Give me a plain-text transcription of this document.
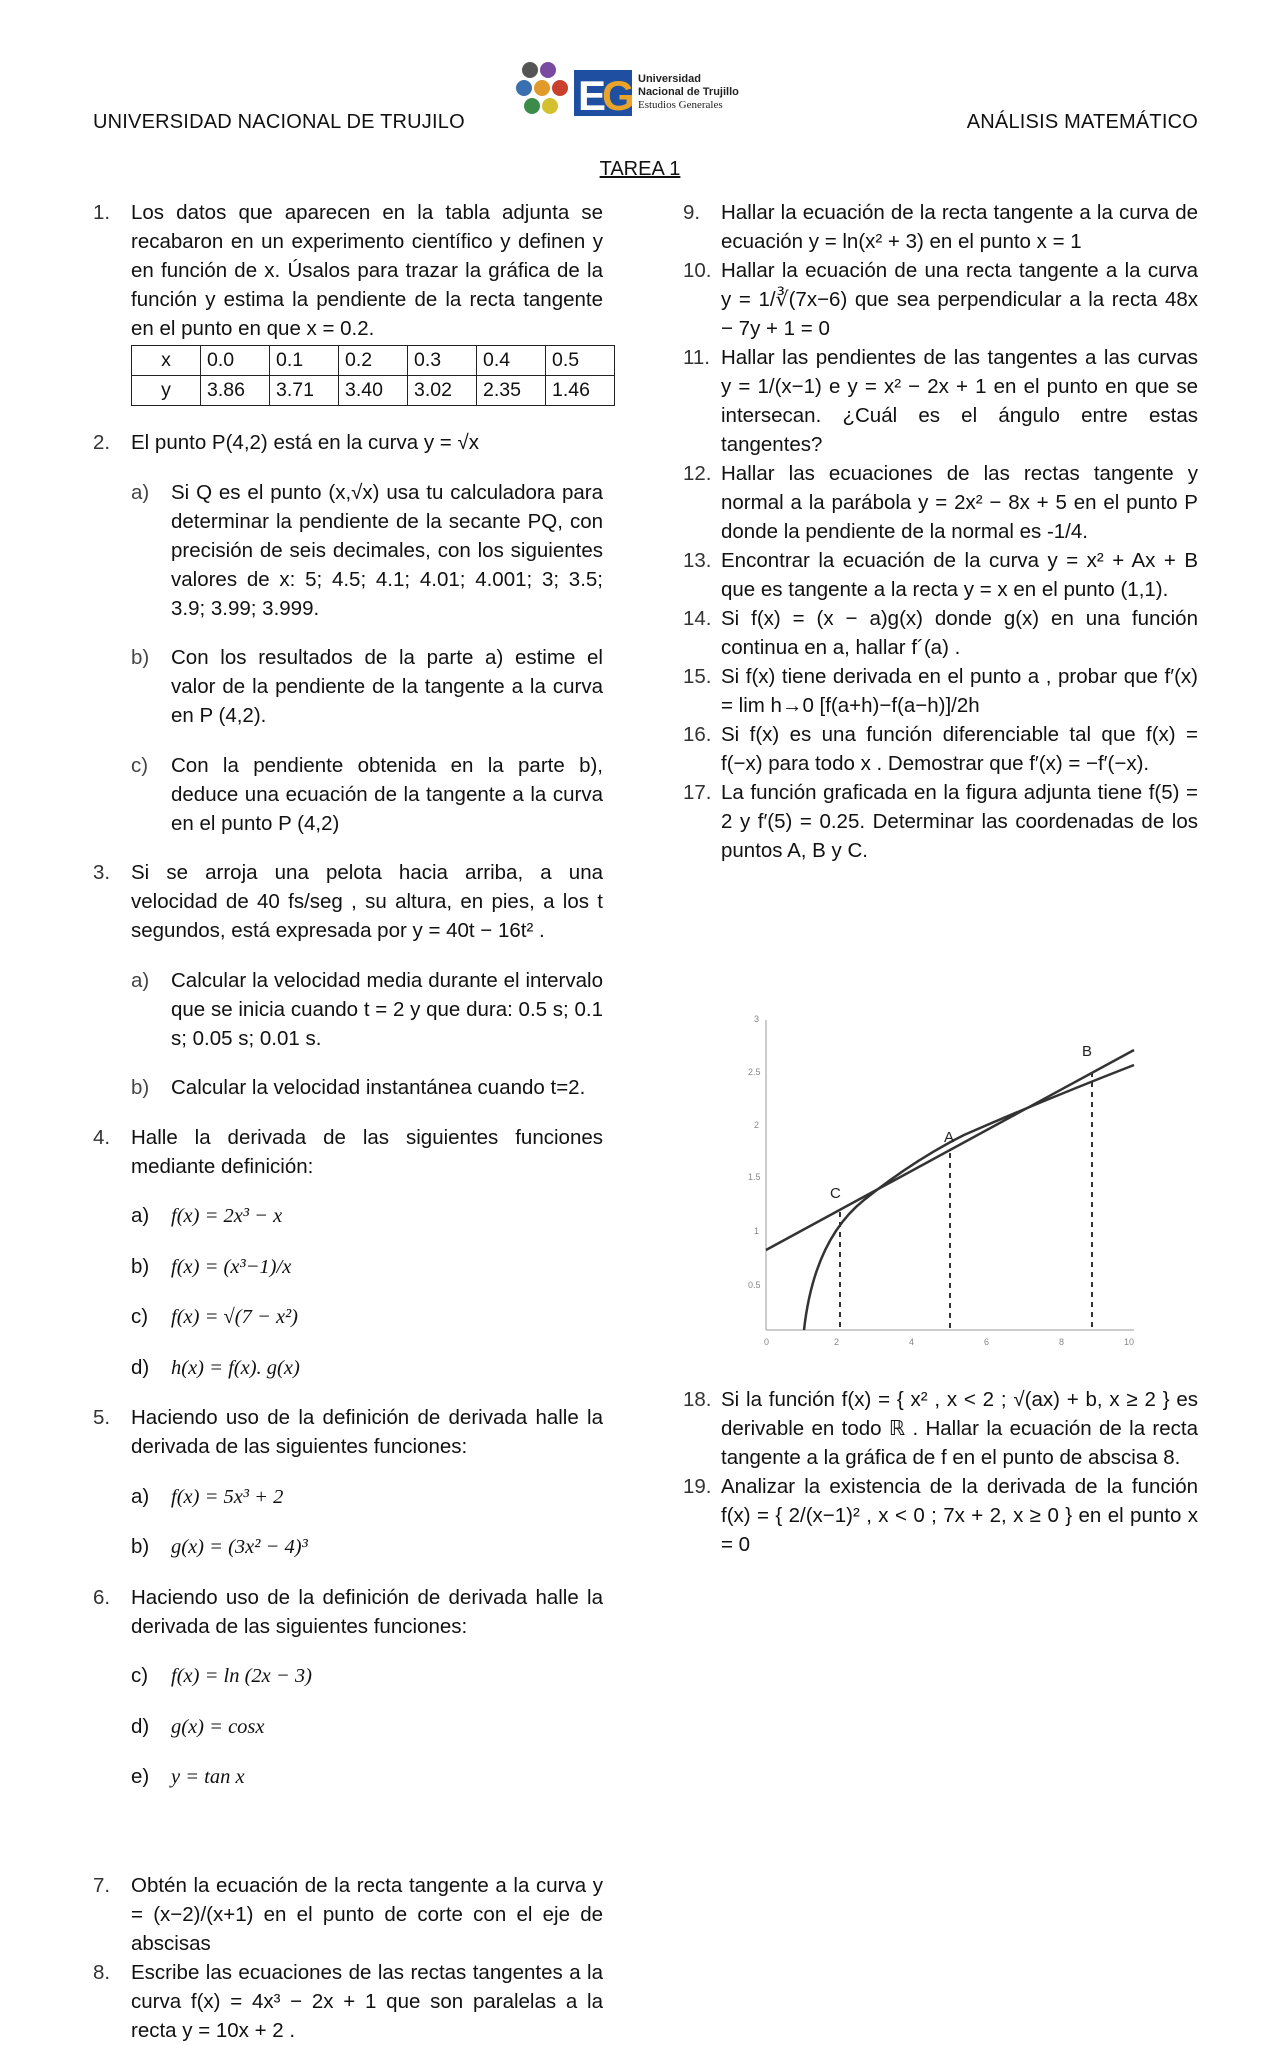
UNIVERSIDAD NACIONAL DE TRUJILO	ANÁLISIS MATEMÁTICO
E
G Universidad
Nacional de Trujillo
Estudios Generales
TAREA 1

1. Los datos que aparecen en la tabla adjunta se recabaron en un experimento científico y definen y en función de x. Úsalos para trazar la gráfica de la función y estima la pendiente de la recta tangente en el punto en que x = 0.2.

x	0.0	0.1	0.2	0.3	0.4	0.5
y	3.86	3.71	3.40	3.02	2.35	1.46

2. El punto P(4,2) está en la curva y = √x

a) Si Q es el punto (x,√x) usa tu calculadora para determinar la pendiente de la secante PQ, con precisión de seis decimales, con los siguientes valores de x: 5; 4.5; 4.1; 4.01; 4.001; 3; 3.5; 3.9; 3.99; 3.999.

b) Con los resultados de la parte a) estime el valor de la pendiente de la tangente a la curva en P (4,2).

c) Con la pendiente obtenida en la parte b), deduce una ecuación de la tangente a la curva en el punto P (4,2)

3. Si se arroja una pelota hacia arriba, a una velocidad de 40 fs/seg , su altura, en pies, a los t segundos, está expresada por y = 40t − 16t² .

a) Calcular la velocidad media durante el intervalo que se inicia cuando t = 2 y que dura: 0.5 s; 0.1 s; 0.05 s; 0.01 s.

b) Calcular la velocidad instantánea cuando t=2.

4. Halle la derivada de las siguientes funciones mediante definición:

a) f(x) = 2x³ − x

b) f(x) = (x³−1)/x

c) f(x) = √(7 − x²)

d) h(x) = f(x). g(x)

5. Haciendo uso de la definición de derivada halle la derivada de las siguientes funciones:

a) f(x) = 5x³ + 2

b) g(x) = (3x² − 4)³

6. Haciendo uso de la definición de derivada halle la derivada de las siguientes funciones:

c) f(x) = ln (2x − 3)

d) g(x) = cosx

e) y = tan x

7. Obtén la ecuación de la recta tangente a la curva y = (x−2)/(x+1) en el punto de corte con el eje de abscisas

8. Escribe las ecuaciones de las rectas tangentes a la curva f(x) = 4x³ − 2x + 1 que son paralelas a la recta y = 10x + 2 .

9. Hallar la ecuación de la recta tangente a la curva de ecuación y = ln(x² + 3) en el punto x = 1

10. Hallar la ecuación de una recta tangente a la curva y = 1/∛(7x−6) que sea perpendicular a la recta 48x − 7y + 1 = 0

11. Hallar las pendientes de las tangentes a las curvas y = 1/(x−1) e y = x² − 2x + 1 en el punto en que se intersecan. ¿Cuál es el ángulo entre estas tangentes?

12. Hallar las ecuaciones de las rectas tangente y normal a la parábola y = 2x² − 8x + 5 en el punto P donde la pendiente de la normal es -1/4.

13. Encontrar la ecuación de la curva y = x² + Ax + B que es tangente a la recta y = x en el punto (1,1).

14. Si f(x) = (x − a)g(x) donde g(x) en una función continua en a, hallar f´(a) .

15. Si f(x) tiene derivada en el punto a , probar que f′(x) = lim h→0 [f(a+h)−f(a−h)]/2h

16. Si f(x) es una función diferenciable tal que f(x) = f(−x) para todo x . Demostrar que f′(x) = −f′(−x).

17. La función graficada en la figura adjunta tiene f(5) = 2 y f′(5) = 0.25. Determinar las coordenadas de los puntos A, B y C.

0.5
1
1.5
2
2.5
3
0	2	4	6	8	10
C
A
B

18. Si la función f(x) = { x² , x < 2 ; √(ax) + b, x ≥ 2 } es derivable en todo ℝ . Hallar la ecuación de la recta tangente a la gráfica de f en el punto de abscisa 8.

19. Analizar la existencia de la derivada de la función f(x) = { 2/(x−1)² , x < 0 ; 7x + 2, x ≥ 0 } en el punto x = 0
